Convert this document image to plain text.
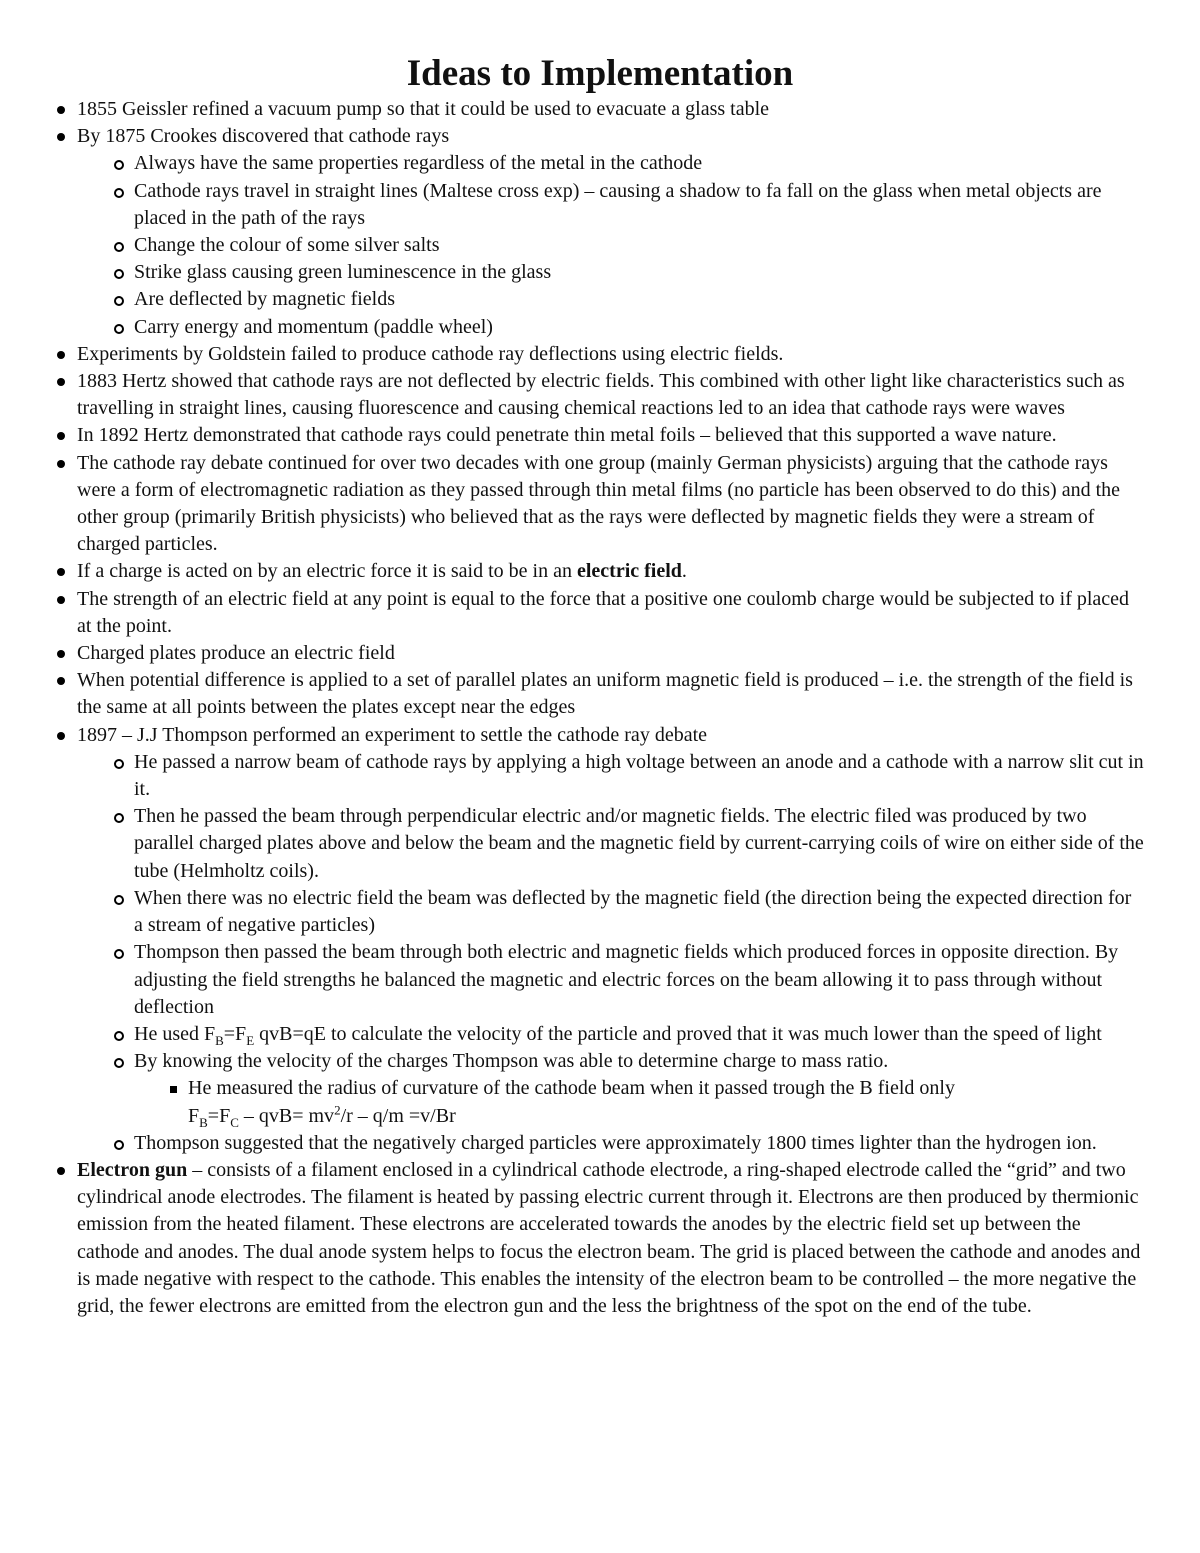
Ideas to Implementation
1855 Geissler refined a vacuum pump so that it could be used to evacuate a glass table
By 1875 Crookes discovered that cathode rays
Always have the same properties regardless of the metal in the cathode
Cathode rays travel in straight lines (Maltese cross exp) – causing a shadow to fa fall on the glass when metal objects are placed in the path of the rays
Change the colour of some silver salts
Strike glass causing green luminescence in the glass
Are deflected by magnetic fields
Carry energy and momentum (paddle wheel)
Experiments by Goldstein failed to produce cathode ray deflections using electric fields.
1883 Hertz showed that cathode rays are not deflected by electric fields. This combined with other light like characteristics such as travelling in straight lines, causing fluorescence and causing chemical reactions led to an idea that cathode rays were waves
In 1892 Hertz demonstrated that cathode rays could penetrate thin metal foils – believed that this supported a wave nature.
The cathode ray debate continued for over two decades with one group (mainly German physicists) arguing that the cathode rays were a form of electromagnetic radiation as they passed through thin metal films (no particle has been observed to do this) and the other group (primarily British physicists) who believed that as the rays were deflected by magnetic fields they were a stream of charged particles.
If a charge is acted on by an electric force it is said to be in an electric field.
The strength of an electric field at any point is equal to the force that a positive one coulomb charge would be subjected to if placed at the point.
Charged plates produce an electric field
When potential difference is applied to a set of parallel plates an uniform magnetic field is produced – i.e. the strength of the field is the same at all points between the plates except near the edges
1897 – J.J Thompson performed an experiment to settle the cathode ray debate
He passed a narrow beam of cathode rays by applying a high voltage between an anode and a cathode with a narrow slit cut in it.
Then he passed the beam through perpendicular electric and/or magnetic fields. The electric filed was produced by two parallel charged plates above and below the beam and the magnetic field by current-carrying coils of wire on either side of the tube (Helmholtz coils).
When there was no electric field the beam was deflected by the magnetic field (the direction being the expected direction for a stream of negative particles)
Thompson then passed the beam through both electric and magnetic fields which produced forces in opposite direction. By adjusting the field strengths he balanced the magnetic and electric forces on the beam allowing it to pass through without deflection
He used $F_B=F_E$ qvB=qE to calculate the velocity of the particle and proved that it was much lower than the speed of light
By knowing the velocity of the charges Thompson was able to determine charge to mass ratio.
He measured the radius of curvature of the cathode beam when it passed trough the B field only
$F_B=F_C - qvB= mv^2/r - q/m =v/Br$
Thompson suggested that the negatively charged particles were approximately 1800 times lighter than the hydrogen ion.
Electron gun – consists of a filament enclosed in a cylindrical cathode electrode, a ring-shaped electrode called the “grid” and two cylindrical anode electrodes. The filament is heated by passing electric current through it. Electrons are then produced by thermionic emission from the heated filament. These electrons are accelerated towards the anodes by the electric field set up between the cathode and anodes. The dual anode system helps to focus the electron beam. The grid is placed between the cathode and anodes and is made negative with respect to the cathode. This enables the intensity of the electron beam to be controlled – the more negative the grid, the fewer electrons are emitted from the electron gun and the less the brightness of the spot on the end of the tube.
